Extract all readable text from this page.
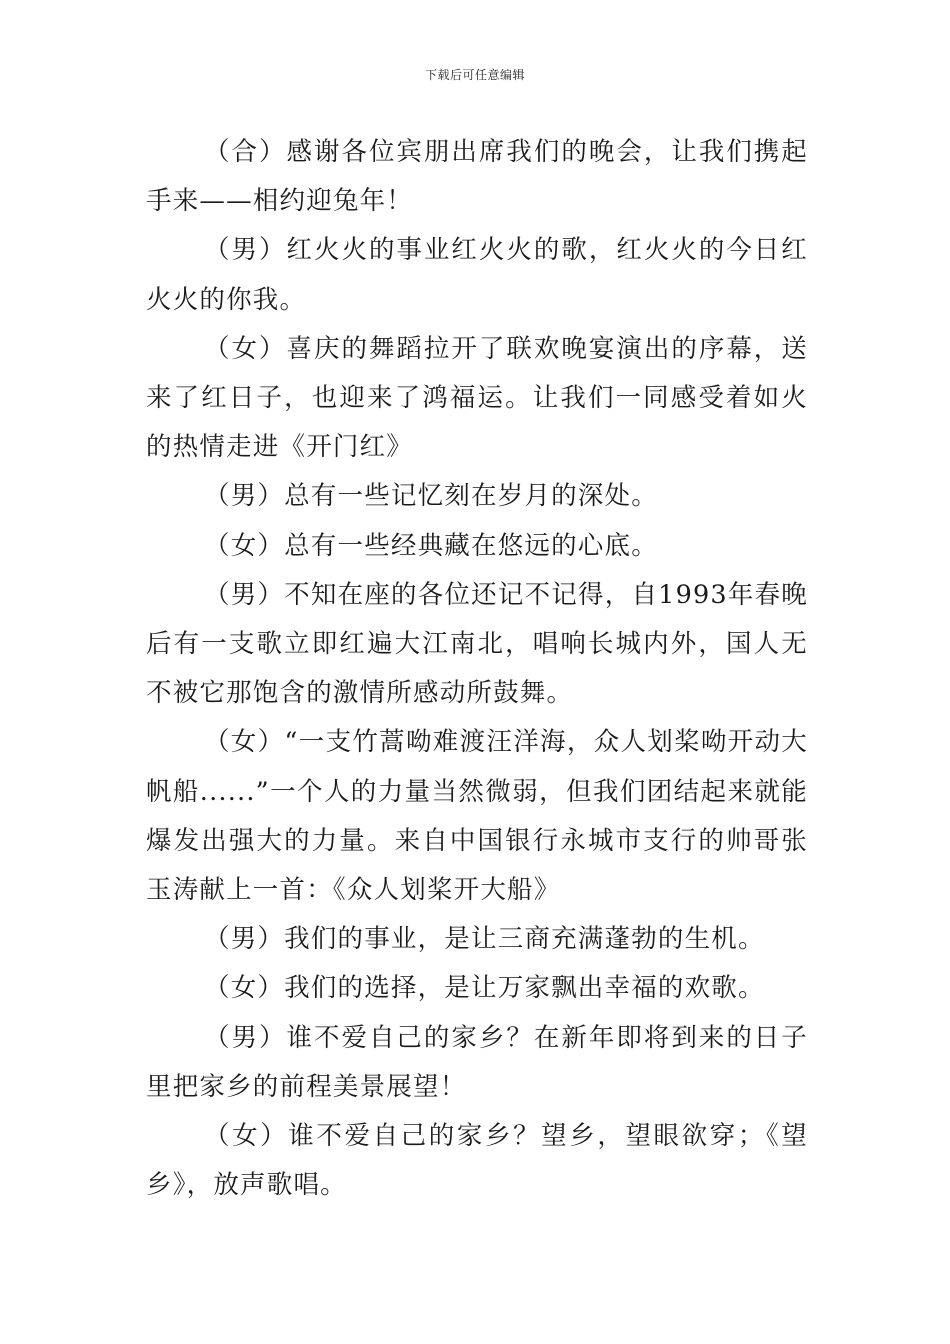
下载后可任意编辑

（合）感谢各位宾朋出席我们的晚会，让我们携起手来——相约迎兔年！

（男）红火火的事业红火火的歌，红火火的今日红火火的你我。

（女）喜庆的舞蹈拉开了联欢晚宴演出的序幕，送来了红日子，也迎来了鸿福运。让我们一同感受着如火的热情走进《开门红》

（男）总有一些记忆刻在岁月的深处。

（女）总有一些经典藏在悠远的心底。

（男）不知在座的各位还记不记得，自1993年春晚后有一支歌立即红遍大江南北，唱响长城内外，国人无不被它那饱含的激情所感动所鼓舞。

（女）“一支竹蒿呦难渡汪洋海，众人划桨呦开动大帆船......”一个人的力量当然微弱，但我们团结起来就能爆发出强大的力量。来自中国银行永城市支行的帅哥张玉涛献上一首：《众人划桨开大船》

（男）我们的事业，是让三商充满蓬勃的生机。

（女）我们的选择，是让万家飘出幸福的欢歌。

（男）谁不爱自己的家乡？在新年即将到来的日子里把家乡的前程美景展望！

（女）谁不爱自己的家乡？望乡，望眼欲穿；《望乡》，放声歌唱。
